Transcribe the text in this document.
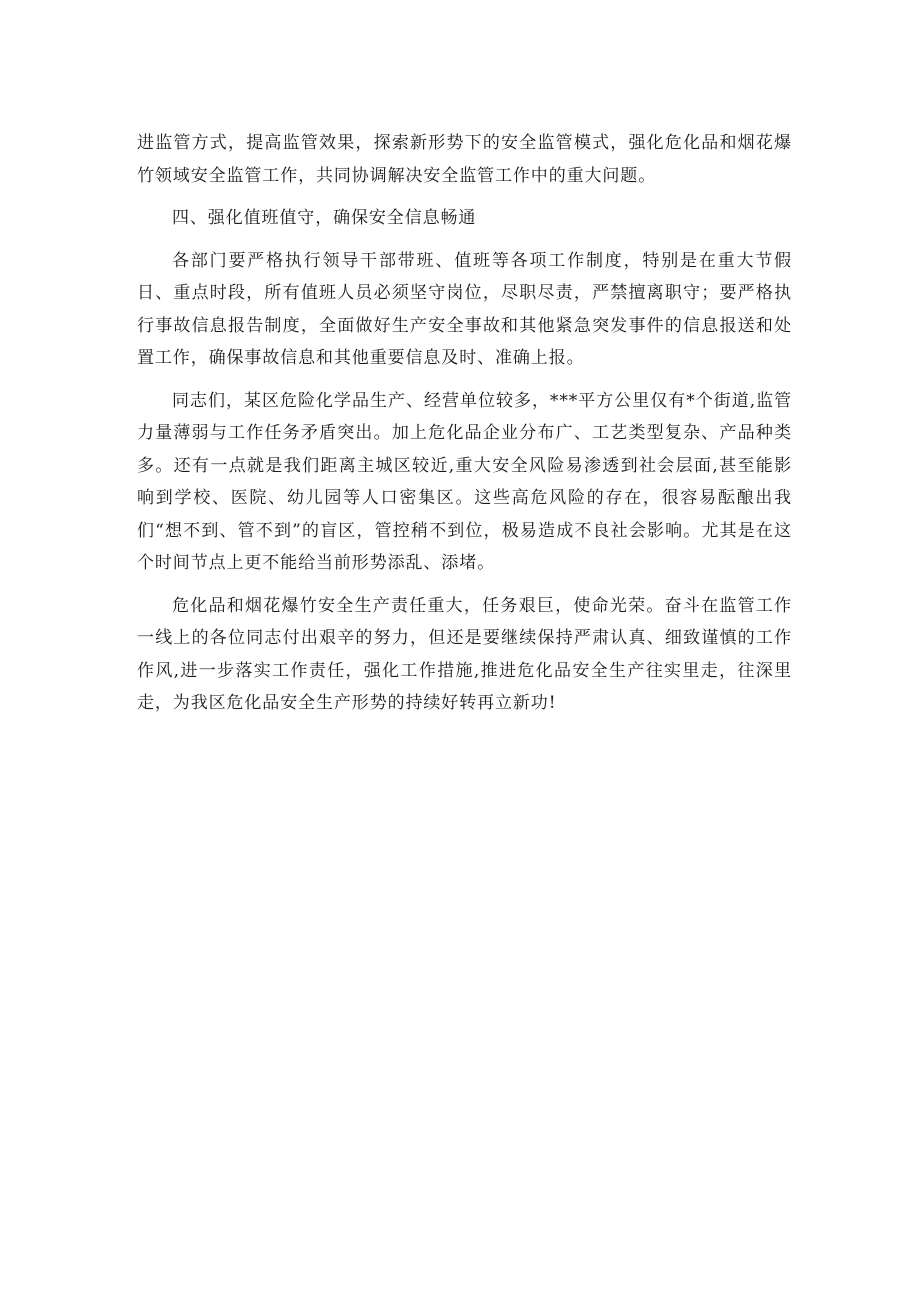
进监管方式，提高监管效果，探索新形势下的安全监管模式，强化危化品和烟花爆竹领域安全监管工作，共同协调解决安全监管工作中的重大问题。

四、强化值班值守，确保安全信息畅通

各部门要严格执行领导干部带班、值班等各项工作制度，特别是在重大节假日、重点时段，所有值班人员必须坚守岗位，尽职尽责，严禁擅离职守；要严格执行事故信息报告制度，全面做好生产安全事故和其他紧急突发事件的信息报送和处置工作，确保事故信息和其他重要信息及时、准确上报。

同志们，某区危险化学品生产、经营单位较多，***平方公里仅有*个街道,监管力量薄弱与工作任务矛盾突出。加上危化品企业分布广、工艺类型复杂、产品种类多。还有一点就是我们距离主城区较近,重大安全风险易渗透到社会层面,甚至能影响到学校、医院、幼儿园等人口密集区。这些高危风险的存在，很容易酝酿出我们“想不到、管不到”的盲区，管控稍不到位，极易造成不良社会影响。尤其是在这个时间节点上更不能给当前形势添乱、添堵。

危化品和烟花爆竹安全生产责任重大，任务艰巨，使命光荣。奋斗在监管工作一线上的各位同志付出艰辛的努力，但还是要继续保持严肃认真、细致谨慎的工作作风,进一步落实工作责任，强化工作措施,推进危化品安全生产往实里走，往深里走，为我区危化品安全生产形势的持续好转再立新功!
